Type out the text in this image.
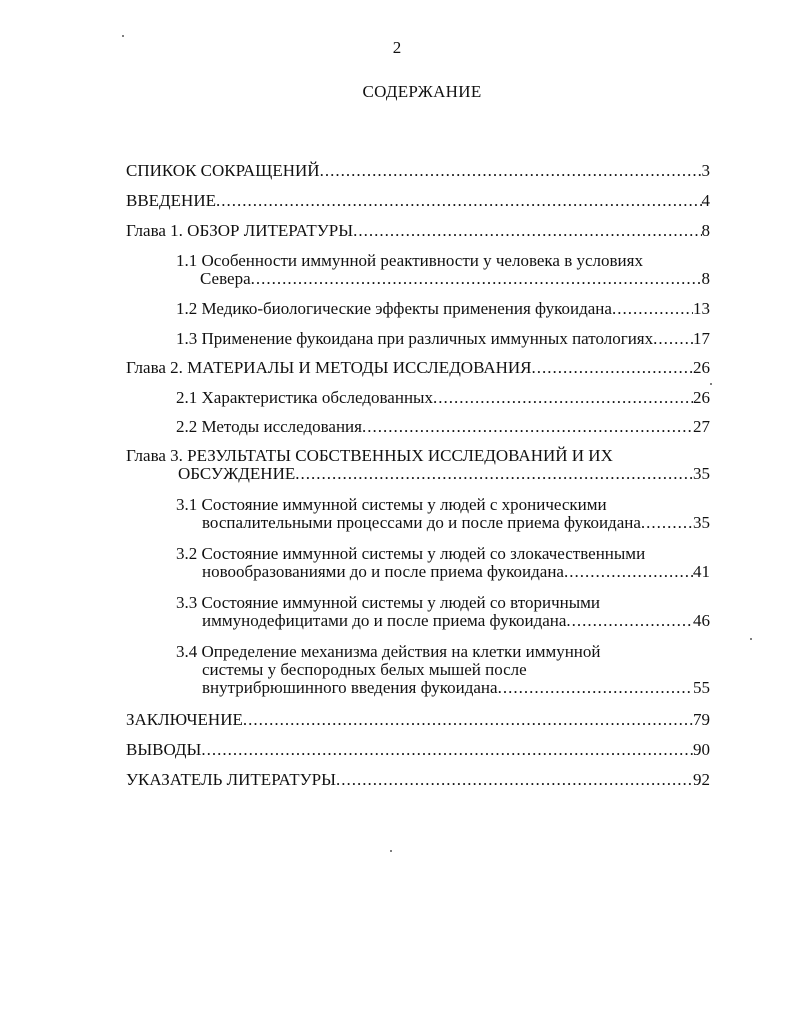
2
СОДЕРЖАНИЕ
СПИКОК СОКРАЩЕНИЙ .....	3
ВВЕДЕНИЕ .....	4
Глава 1. ОБЗОР ЛИТЕРАТУРЫ .....	8
1.1 Особенности иммунной реактивности у человека в условиях
Севера .....	8
1.2 Медико-биологические эффекты применения фукоидана .....	13
1.3 Применение фукоидана при различных иммунных патологиях ..... 17
Глава 2. МАТЕРИАЛЫ И МЕТОДЫ ИССЛЕДОВАНИЯ .....	26
2.1 Характеристика обследованных .....	26
2.2 Методы исследования .....	27
Глава 3. РЕЗУЛЬТАТЫ СОБСТВЕННЫХ ИССЛЕДОВАНИЙ И ИХ
ОБСУЖДЕНИЕ .....	35
3.1 Состояние иммунной системы у людей с хроническими
воспалительными процессами до и после приема фукоидана .....	35
3.2 Состояние иммунной системы у людей со злокачественными
новообразованиями до и после приема фукоидана .....	41
3.3 Состояние иммунной системы у людей со вторичными
иммунодефицитами до и после приема фукоидана .....	46
3.4 Определение механизма действия на клетки иммунной
системы у беспородных белых мышей после
внутрибрюшинного введения фукоидана .....	55
ЗАКЛЮЧЕНИЕ .....	79
ВЫВОДЫ .....	90
УКАЗАТЕЛЬ ЛИТЕРАТУРЫ .....	92
